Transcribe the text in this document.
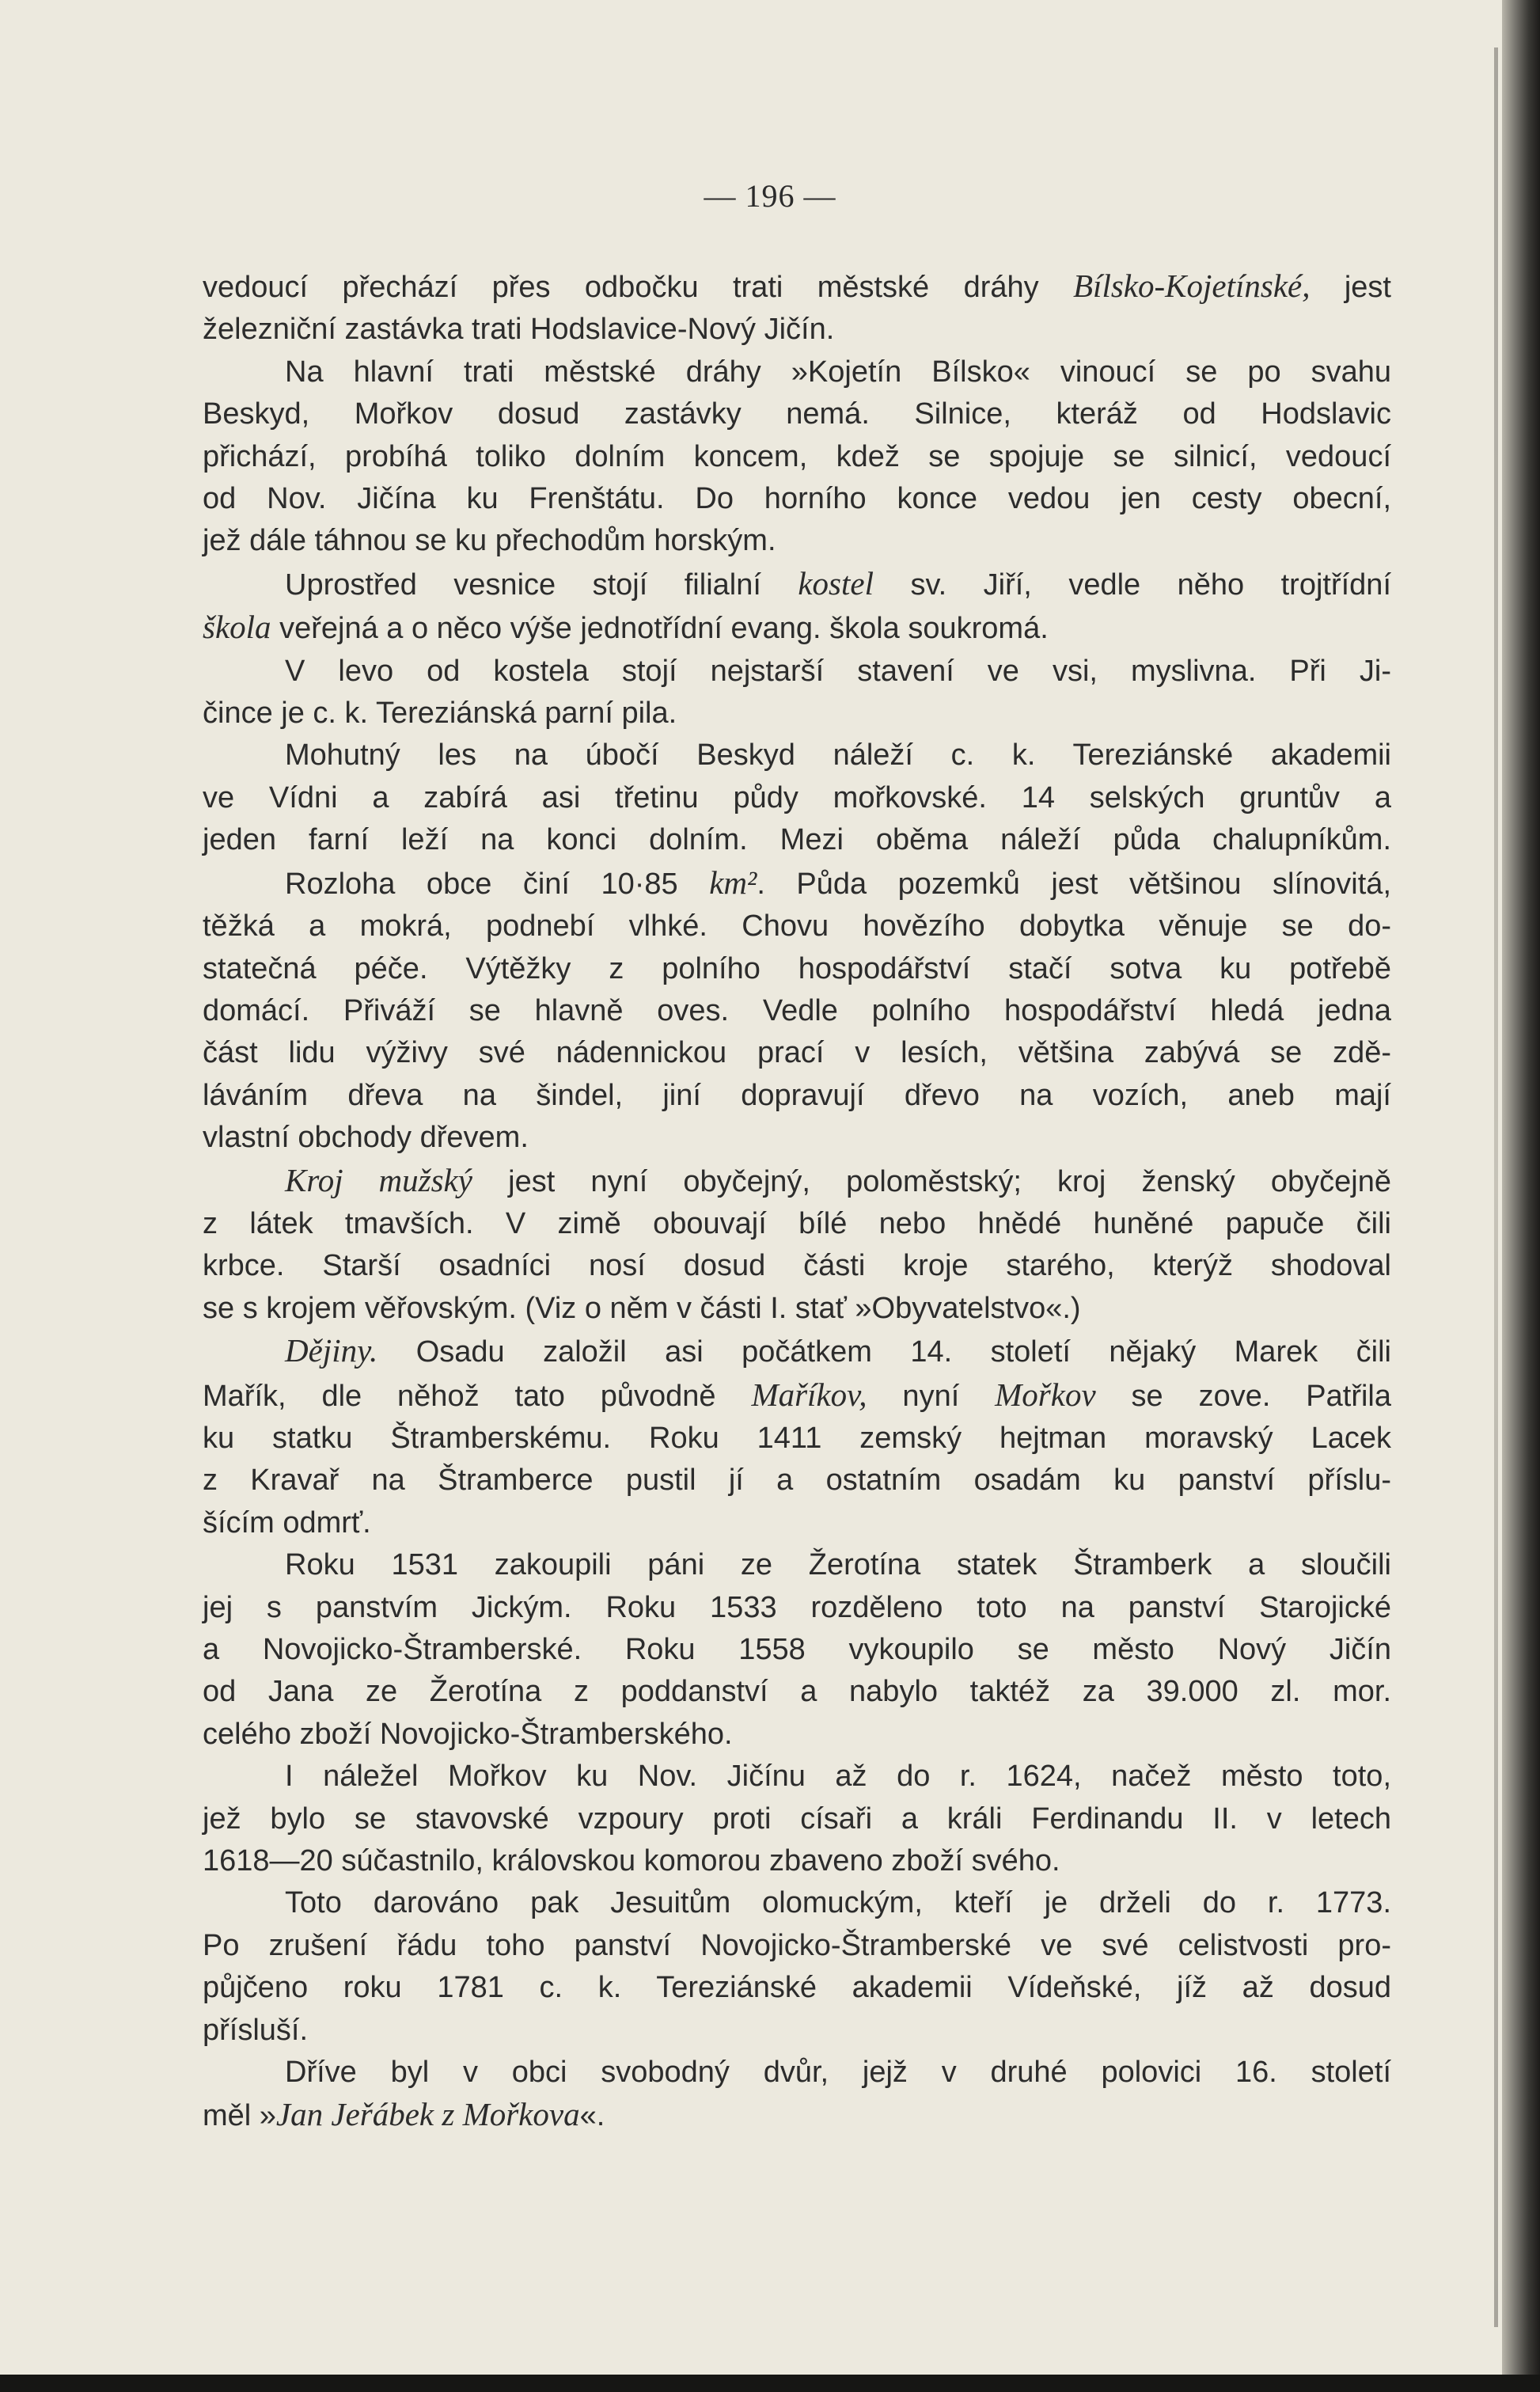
— 196 —
vedoucí přechází přes odbočku trati městské dráhy Bílsko-Kojetínské, jest
železniční zastávka trati Hodslavice-Nový Jičín.
Na hlavní trati městské dráhy »Kojetín Bílsko« vinoucí se po svahu
Beskyd, Mořkov dosud zastávky nemá. Silnice, kteráž od Hodslavic
přichází, probíhá toliko dolním koncem, kdež se spojuje se silnicí, vedoucí
od Nov. Jičína ku Frenštátu. Do horního konce vedou jen cesty obecní,
jež dále táhnou se ku přechodům horským.
Uprostřed vesnice stojí filialní kostel sv. Jiří, vedle něho trojtřídní
škola veřejná a o něco výše jednotřídní evang. škola soukromá.
V levo od kostela stojí nejstarší stavení ve vsi, myslivna. Při Ji-
čince je c. k. Tereziánská parní pila.
Mohutný les na úbočí Beskyd náleží c. k. Tereziánské akademii
ve Vídni a zabírá asi třetinu půdy mořkovské. 14 selských gruntův a
jeden farní leží na konci dolním. Mezi oběma náleží půda chalupníkům.
Rozloha obce činí 10·85 km². Půda pozemků jest většinou slínovitá,
těžká a mokrá, podnebí vlhké. Chovu hovězího dobytka věnuje se do-
statečná péče. Výtěžky z polního hospodářství stačí sotva ku potřebě
domácí. Přiváží se hlavně oves. Vedle polního hospodářství hledá jedna
část lidu výživy své nádennickou prací v lesích, většina zabývá se zdě-
láváním dřeva na šindel, jiní dopravují dřevo na vozích, aneb mají
vlastní obchody dřevem.
Kroj mužský jest nyní obyčejný, poloměstský; kroj ženský obyčejně
z látek tmavších. V zimě obouvají bílé nebo hnědé huněné papuče čili
krbce. Starší osadníci nosí dosud části kroje starého, kterýž shodoval
se s krojem věřovským. (Viz o něm v části I. stať »Obyvatelstvo«.)
Dějiny. Osadu založil asi počátkem 14. století nějaký Marek čili
Mařík, dle něhož tato původně Maříkov, nyní Mořkov se zove. Patřila
ku statku Štramberskému. Roku 1411 zemský hejtman moravský Lacek
z Kravař na Štramberce pustil jí a ostatním osadám ku panství příslu-
šícím odmrť.
Roku 1531 zakoupili páni ze Žerotína statek Štramberk a sloučili
jej s panstvím Jickým. Roku 1533 rozděleno toto na panství Starojické
a Novojicko-Štramberské. Roku 1558 vykoupilo se město Nový Jičín
od Jana ze Žerotína z poddanství a nabylo taktéž za 39.000 zl. mor.
celého zboží Novojicko-Štramberského.
I náležel Mořkov ku Nov. Jičínu až do r. 1624, načež město toto,
jež bylo se stavovské vzpoury proti císaři a králi Ferdinandu II. v letech
1618—20 súčastnilo, královskou komorou zbaveno zboží svého.
Toto darováno pak Jesuitům olomuckým, kteří je drželi do r. 1773.
Po zrušení řádu toho panství Novojicko-Štramberské ve své celistvosti pro-
půjčeno roku 1781 c. k. Tereziánské akademii Vídeňské, jíž až dosud
přísluší.
Dříve byl v obci svobodný dvůr, jejž v druhé polovici 16. století
měl »Jan Jeřábek z Mořkova«.
